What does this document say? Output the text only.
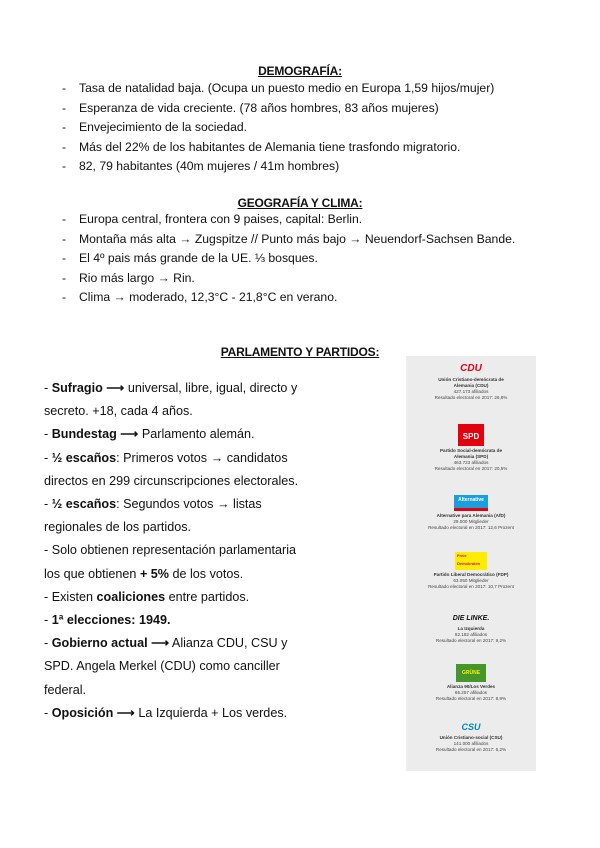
DEMOGRAFÍA:
- Tasa de natalidad baja. (Ocupa un puesto medio en Europa 1,59 hijos/mujer)
- Esperanza de vida creciente. (78 años hombres, 83 años mujeres)
- Envejecimiento de la sociedad.
- Más del 22% de los habitantes de Alemania tiene trasfondo migratorio.
- 82, 79 habitantes (40m mujeres / 41m hombres)
GEOGRAFÍA Y CLIMA:
- Europa central, frontera con 9 paises, capital: Berlin.
- Montaña más alta → Zugspitze // Punto más bajo → Neuendorf-Sachsen Bande.
- El 4º pais más grande de la UE. ⅓ bosques.
- Rio más largo → Rin.
- Clima → moderado, 12,3°C - 21,8°C en verano.
PARLAMENTO Y PARTIDOS:

- Sufragio ⟶ universal, libre, igual, directo y secreto. +18, cada 4 años.

- Bundestag ⟶ Parlamento alemán.

- ½ escaños: Primeros votos → candidatos directos en 299 circunscripciones electorales.

- ½ escaños: Segundos votos → listas regionales de los partidos.

- Solo obtienen representación parlamentaria los que obtienen + 5% de los votos.

- Existen coaliciones entre partidos.

- 1ª elecciones: 1949.

- Gobierno actual ⟶ Alianza CDU, CSU y SPD. Angela Merkel (CDU) como canciller federal.

- Oposición ⟶ La Izquierda + Los verdes.

CDU
Unión Cristiano-demócrata de Alemania (CDU)
427.173 afiliados
Resultado electoral en 2017: 26,8%
SPD
Partido Social-demócrata de Alemania (SPD)
463.723 afiliados
Resultado electoral en 2017: 20,5%
Alternative
Alternative para Alemania (AfD)
29.000 Mitglieder
Resultado electoral en 2017: 12,6 Prozent
Freie Demokraten
Partido Liberal Democrático (FDP)
63.050 Mitglieder
Resultado electoral en 2017: 10,7 Prozent
DIE LINKE.
La Izquierda
62.182 afiliados
Resultado electoral en 2017: 9,2%
GRÜNE
Alianza 90/Los Verdes
65.257 afiliados
Resultado electoral en 2017: 8,9%
CSU
Unión Cristiano-social (CSU)
141.000 afiliados
Resultado electoral en 2017: 6,2%
